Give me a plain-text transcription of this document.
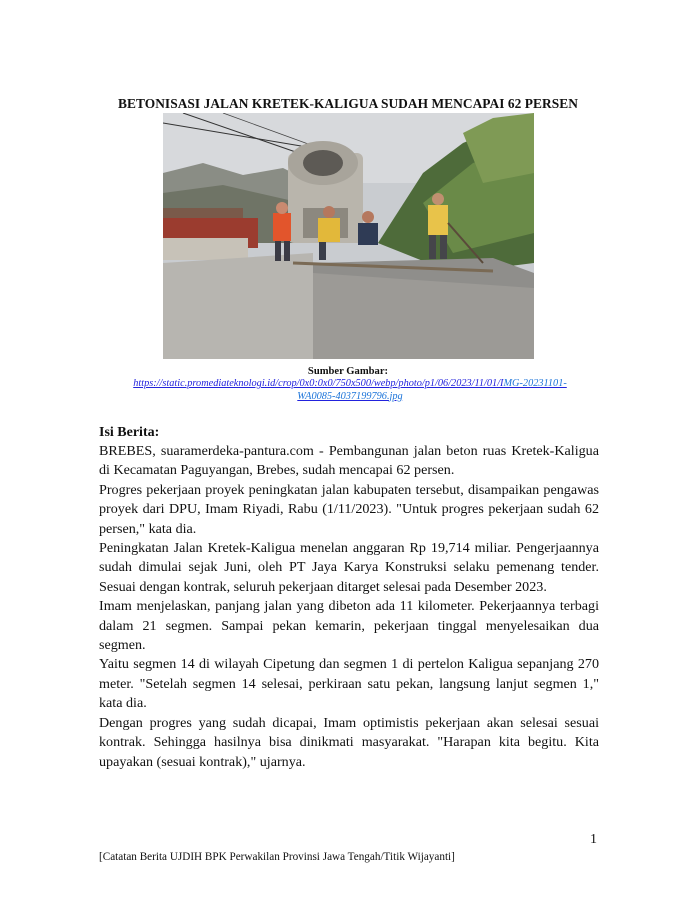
BETONISASI JALAN KRETEK-KALIGUA SUDAH MENCAPAI 62 PERSEN
Sumber Gambar:
https://static.promediateknologi.id/crop/0x0:0x0/750x500/webp/photo/p1/06/2023/11/01/IMG-20231101-
WA0085-4037199796.jpg
Isi Berita:

BREBES, suaramerdeka-pantura.com - Pembangunan jalan beton ruas Kretek-Kaligua di Kecamatan Paguyangan, Brebes, sudah mencapai 62 persen.

Progres pekerjaan proyek peningkatan jalan kabupaten tersebut, disampaikan pengawas proyek dari DPU, Imam Riyadi, Rabu (1/11/2023). "Untuk progres pekerjaan sudah 62 persen," kata dia.

Peningkatan Jalan Kretek-Kaligua menelan anggaran Rp 19,714 miliar. Pengerjaannya sudah dimulai sejak Juni, oleh PT Jaya Karya Konstruksi selaku pemenang tender. Sesuai dengan kontrak, seluruh pekerjaan ditarget selesai pada Desember 2023.

Imam menjelaskan, panjang jalan yang dibeton ada 11 kilometer. Pekerjaannya terbagi dalam 21 segmen. Sampai pekan kemarin, pekerjaan tinggal menyelesaikan dua segmen.

Yaitu segmen 14 di wilayah Cipetung dan segmen 1 di pertelon Kaligua sepanjang 270 meter. "Setelah segmen 14 selesai, perkiraan satu pekan, langsung lanjut segmen 1," kata dia.

Dengan progres yang sudah dicapai, Imam optimistis pekerjaan akan selesai sesuai kontrak. Sehingga hasilnya bisa dinikmati masyarakat. "Harapan kita begitu. Kita upayakan (sesuai kontrak)," ujarnya.

1
[Catatan Berita UJDIH BPK Perwakilan Provinsi Jawa Tengah/Titik Wijayanti]
